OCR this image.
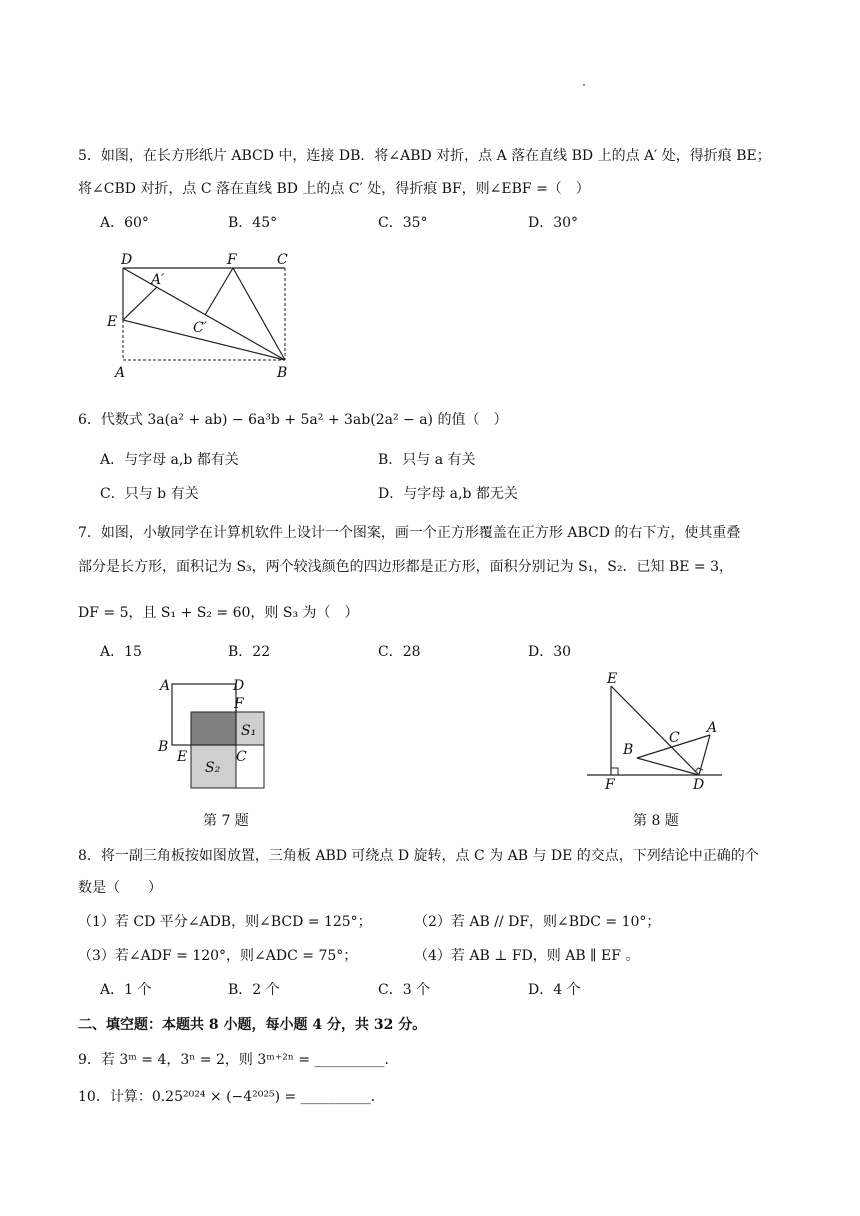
5．如图，在长方形纸片 ABCD 中，连接 DB．将∠ABD 对折，点 A 落在直线 BD 上的点 A′ 处，得折痕 BE；
将∠CBD 对折，点 C 落在直线 BD 上的点 C′ 处，得折痕 BF，则∠EBF =（　）
A．60°	B．45°	C．35°	D．30°
D	F	C
A′
E	C′
A	B
6．代数式 3a(a² + ab) − 6a³b + 5a² + 3ab(2a² − a) 的值（　）
A．与字母 a,b 都有关	B．只与 a 有关
C．只与 b 有关	D．与字母 a,b 都无关
7．如图，小敏同学在计算机软件上设计一个图案，画一个正方形覆盖在正方形 ABCD 的右下方，使其重叠
部分是长方形，面积记为 S₃，两个较浅颜色的四边形都是正方形，面积分别记为 S₁，S₂．已知 BE = 3，
DF = 5，且 S₁ + S₂ = 60，则 S₃ 为（　）
A．15	B．22	C．28	D．30
A	D
F
S₁
B
E	C
S₂
第 7 题
E
C
A
B
F	D
第 8 题
8．将一副三角板按如图放置，三角板 ABD 可绕点 D 旋转，点 C 为 AB 与 DE 的交点，下列结论中正确的个
数是（　　）
（1）若 CD 平分∠ADB，则∠BCD = 125°；	（2）若 AB // DF，则∠BDC = 10°；
（3）若∠ADF = 120°，则∠ADC = 75°；	（4）若 AB ⊥ FD，则 AB ∥ EF 。
A．1 个	B．2 个	C．3 个	D．4 个
二、填空题：本题共 8 小题，每小题 4 分，共 32 分。
9．若 3ᵐ = 4，3ⁿ = 2，则 3ᵐ⁺²ⁿ = __________．
10．计算：0.25²⁰²⁴ × (−4²⁰²⁵) = __________．
